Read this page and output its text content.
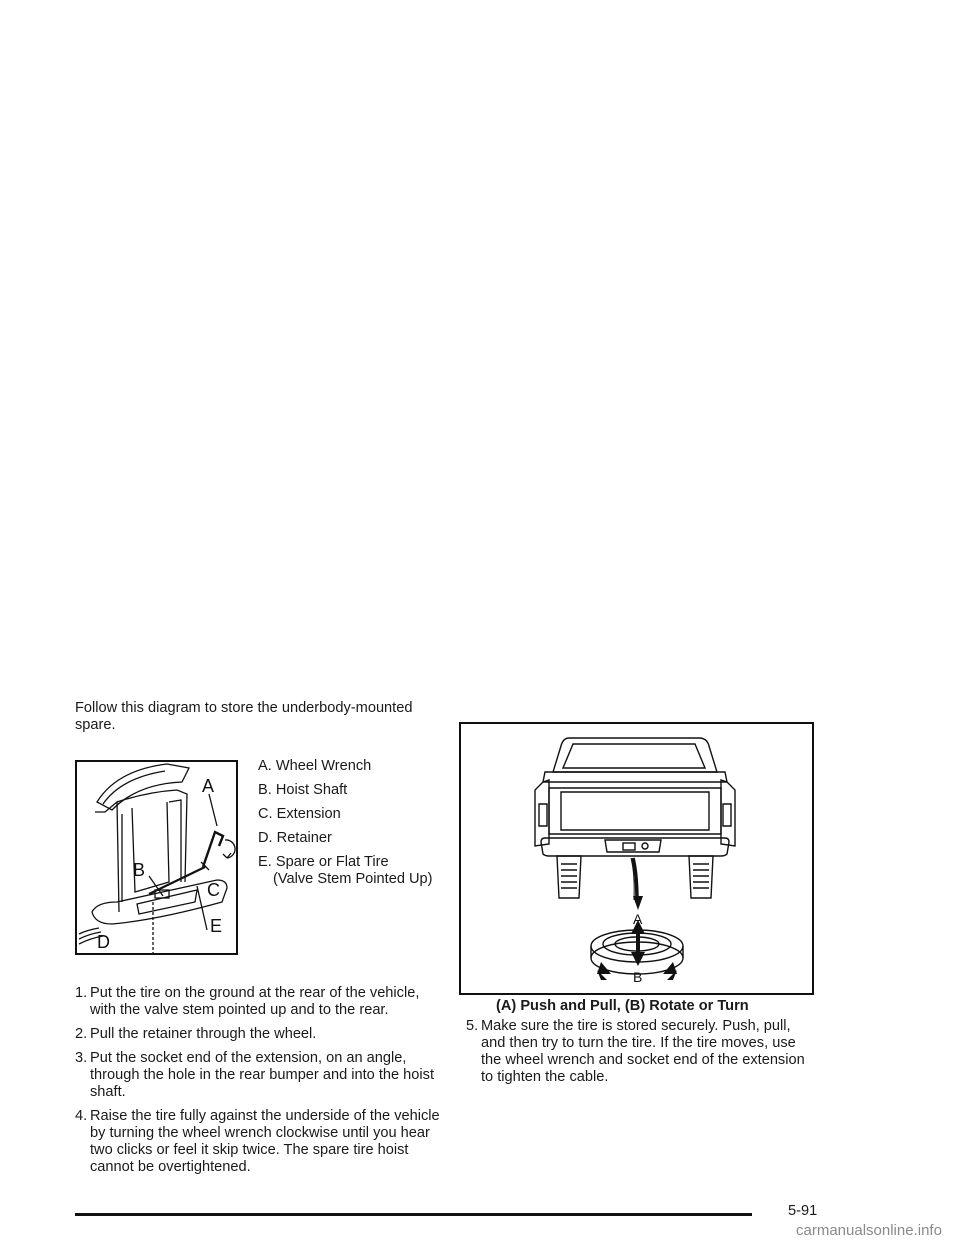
Follow this diagram to store the underbody-mounted spare.

A
B
C
D
E
A. Wheel Wrench
B. Hoist Shaft
C. Extension
D. Retainer
E. Spare or Flat Tire
(Valve Stem Pointed Up)
1. Put the tire on the ground at the rear of the vehicle, with the valve stem pointed up and to the rear.
2. Pull the retainer through the wheel.
3. Put the socket end of the extension, on an angle, through the hole in the rear bumper and into the hoist shaft.
4. Raise the tire fully against the underside of the vehicle by turning the wheel wrench clockwise until you hear two clicks or feel it skip twice. The spare tire hoist cannot be overtightened.
A
B
(A) Push and Pull, (B) Rotate or Turn
5. Make sure the tire is stored securely. Push, pull, and then try to turn the tire. If the tire moves, use the wheel wrench and socket end of the extension to tighten the cable.
5-91
carmanualsonline.info
